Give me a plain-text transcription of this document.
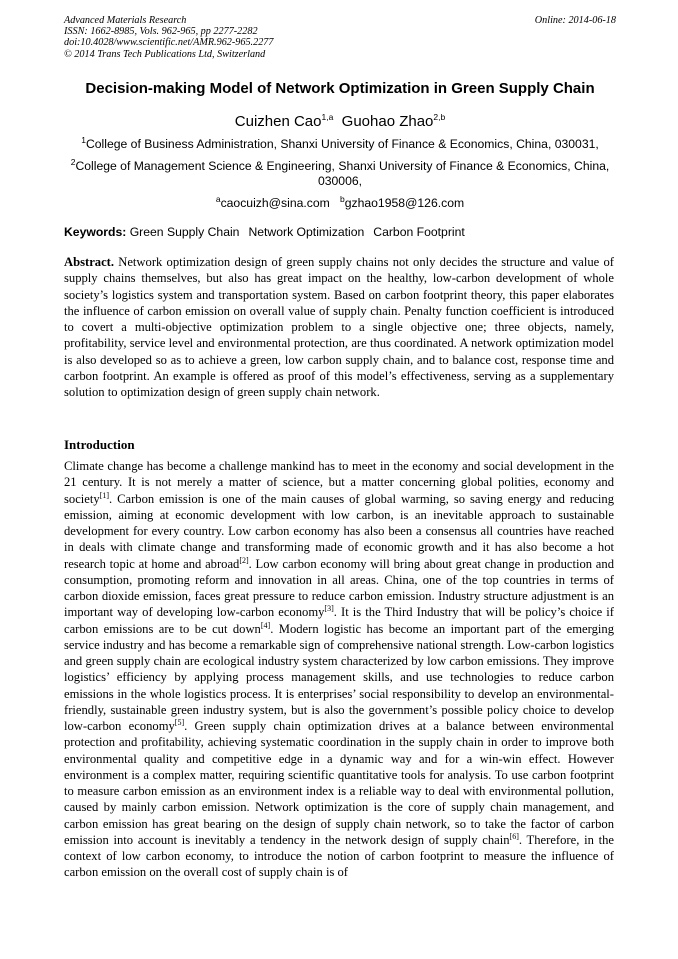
Advanced Materials Research
ISSN: 1662-8985, Vols. 962-965, pp 2277-2282
doi:10.4028/www.scientific.net/AMR.962-965.2277
© 2014 Trans Tech Publications Ltd, Switzerland
Online: 2014-06-18
Decision-making Model of Network Optimization in Green Supply Chain
Cuizhen Cao$^{1,a}$ Guohao Zhao$^{2,b}$
$^1$College of Business Administration, Shanxi University of Finance & Economics, China, 030031,
$^2$College of Management Science & Engineering, Shanxi University of Finance & Economics, China, 030006,
$^a$caocuizh@sina.com $^b$gzhao1958@126.com
Keywords: Green Supply Chain Network Optimization Carbon Footprint
Abstract. Network optimization design of green supply chains not only decides the structure and value of supply chains themselves, but also has great impact on the healthy, low-carbon development of whole society’s logistics system and transportation system. Based on carbon footprint theory, this paper elaborates the influence of carbon emission on overall value of supply chain. Penalty function coefficient is introduced to covert a multi-objective optimization problem to a single objective one; three objects, namely, profitability, service level and environmental protection, are thus coordinated. A network optimization model is also developed so as to achieve a green, low carbon supply chain, and to balance cost, response time and carbon footprint. An example is offered as proof of this model’s effectiveness, serving as a supplementary solution to optimization design of green supply chain network.
Introduction
Climate change has become a challenge mankind has to meet in the economy and social development in the 21 century. It is not merely a matter of science, but a matter concerning global polities, economy and society[1]. Carbon emission is one of the main causes of global warming, so saving energy and reducing emission, aiming at economic development with low carbon, is an inevitable approach to sustainable development for every country. Low carbon economy has also been a consensus all countries have reached in deals with climate change and transforming made of economic growth and it has also become a hot research topic at home and abroad[2]. Low carbon economy will bring about great change in production and consumption, promoting reform and innovation in all areas. China, one of the top countries in terms of carbon dioxide emission, faces great pressure to reduce carbon emission. Industry structure adjustment is an important way of developing low-carbon economy[3]. It is the Third Industry that will be policy’s choice if carbon emissions are to be cut down[4]. Modern logistic has become an important part of the emerging service industry and has become a remarkable sign of comprehensive national strength. Low-carbon logistics and green supply chain are ecological industry system characterized by low carbon emissions. They improve logistics’ efficiency by applying process management skills, and use technologies to reduce carbon emissions in the whole logistics process. It is enterprises’ social responsibility to develop an environmental-friendly, sustainable green industry system, but is also the government’s possible policy choice to develop low-carbon economy[5]. Green supply chain optimization drives at a balance between environmental protection and profitability, achieving systematic coordination in the supply chain in order to improve both environmental quality and competitive edge in a dynamic way and for a win-win effect. However environment is a complex matter, requiring scientific quantitative tools for analysis. To use carbon footprint to measure carbon emission as an environment index is a reliable way to deal with environmental pollution, caused by mainly carbon emission. Network optimization is the core of supply chain management, and carbon emission has great bearing on the design of supply chain network, so to take the factor of carbon emission into account is inevitably a tendency in the network design of supply chain[6]. Therefore, in the context of low carbon economy, to introduce the notion of carbon footprint to measure the influence of carbon emission on the overall cost of supply chain is of
